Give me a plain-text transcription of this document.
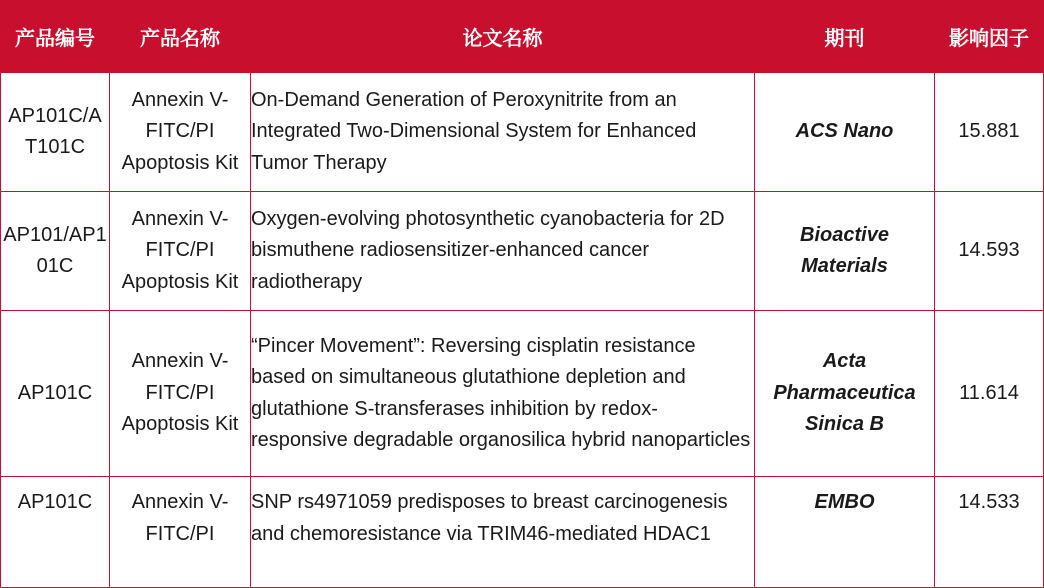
产品编号	产品名称	论文名称	期刊	影响因子

AP101C/AT101C	Annexin V-FITC/PI Apoptosis Kit	On-Demand Generation of Peroxynitrite from an Integrated Two-Dimensional System for Enhanced Tumor Therapy	ACS Nano	15.881

AP101/AP101C	Annexin V-FITC/PI Apoptosis Kit	Oxygen-evolving photosynthetic cyanobacteria for 2D bismuthene radiosensitizer-enhanced cancer radiotherapy	Bioactive Materials	14.593

AP101C	Annexin V-FITC/PI Apoptosis Kit	“Pincer Movement”: Reversing cisplatin resistance based on simultaneous glutathione depletion and glutathione S-transferases inhibition by redox-responsive degradable organosilica hybrid nanoparticles	Acta Pharmaceutica Sinica B	11.614

AP101C	Annexin V-FITC/PI	SNP rs4971059 predisposes to breast carcinogenesis and chemoresistance via TRIM46-mediated HDAC1	EMBO	14.533
